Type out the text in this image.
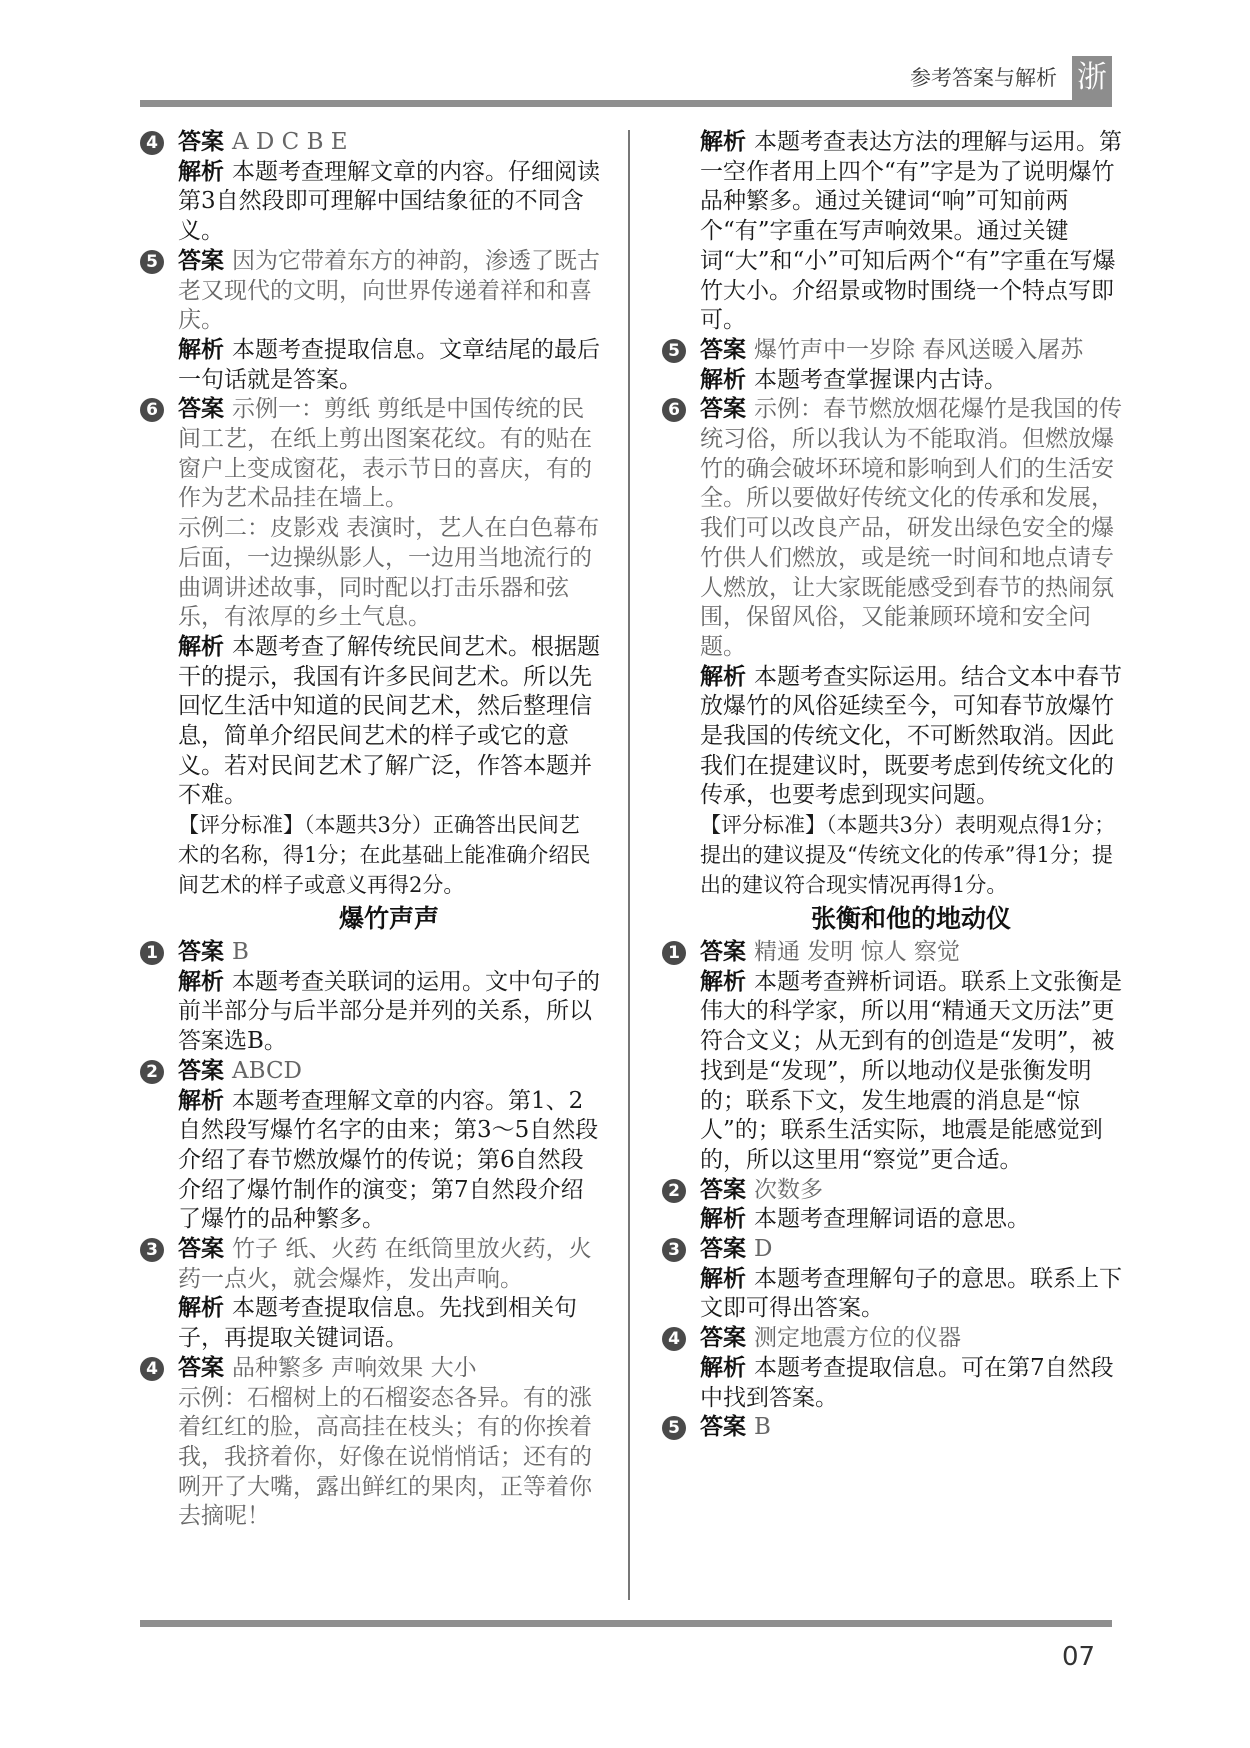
参考答案与解析 浙
4 答案 A D C B E

解析 本题考查理解文章的内容。仔细阅读第3自然段即可理解中国结象征的不同含义。

5 答案 因为它带着东方的神韵，渗透了既古老又现代的文明，向世界传递着祥和和喜庆。

解析 本题考查提取信息。文章结尾的最后一句话就是答案。

6 答案 示例一：剪纸 剪纸是中国传统的民间工艺，在纸上剪出图案花纹。有的贴在窗户上变成窗花，表示节日的喜庆，有的作为艺术品挂在墙上。

示例二：皮影戏 表演时，艺人在白色幕布后面，一边操纵影人，一边用当地流行的曲调讲述故事，同时配以打击乐器和弦乐，有浓厚的乡土气息。

解析 本题考查了解传统民间艺术。根据题干的提示，我国有许多民间艺术。所以先回忆生活中知道的民间艺术，然后整理信息，简单介绍民间艺术的样子或它的意义。若对民间艺术了解广泛，作答本题并不难。

【评分标准】（本题共3分）正确答出民间艺术的名称，得1分；在此基础上能准确介绍民间艺术的样子或意义再得2分。

爆竹声声
1 答案 B

解析 本题考查关联词的运用。文中句子的前半部分与后半部分是并列的关系，所以答案选B。

2 答案 ABCD

解析 本题考查理解文章的内容。第1、2自然段写爆竹名字的由来；第3～5自然段介绍了春节燃放爆竹的传说；第6自然段介绍了爆竹制作的演变；第7自然段介绍了爆竹的品种繁多。

3 答案 竹子 纸、火药 在纸筒里放火药，火药一点火，就会爆炸，发出声响。

解析 本题考查提取信息。先找到相关句子，再提取关键词语。

4 答案 品种繁多 声响效果 大小

示例：石榴树上的石榴姿态各异。有的涨着红红的脸，高高挂在枝头；有的你挨着我，我挤着你，好像在说悄悄话；还有的咧开了大嘴，露出鲜红的果肉，正等着你去摘呢！

解析 本题考查表达方法的理解与运用。第一空作者用上四个“有”字是为了说明爆竹品种繁多。通过关键词“响”可知前两个“有”字重在写声响效果。通过关键词“大”和“小”可知后两个“有”字重在写爆竹大小。介绍景或物时围绕一个特点写即可。

5 答案 爆竹声中一岁除 春风送暖入屠苏

解析 本题考查掌握课内古诗。

6 答案 示例：春节燃放烟花爆竹是我国的传统习俗，所以我认为不能取消。但燃放爆竹的确会破坏环境和影响到人们的生活安全。所以要做好传统文化的传承和发展，我们可以改良产品，研发出绿色安全的爆竹供人们燃放，或是统一时间和地点请专人燃放，让大家既能感受到春节的热闹氛围，保留风俗，又能兼顾环境和安全问题。

解析 本题考查实际运用。结合文本中春节放爆竹的风俗延续至今，可知春节放爆竹是我国的传统文化，不可断然取消。因此我们在提建议时，既要考虑到传统文化的传承，也要考虑到现实问题。

【评分标准】（本题共3分）表明观点得1分；提出的建议提及“传统文化的传承”得1分；提出的建议符合现实情况再得1分。

张衡和他的地动仪
1 答案 精通 发明 惊人 察觉

解析 本题考查辨析词语。联系上文张衡是伟大的科学家，所以用“精通天文历法”更符合文义；从无到有的创造是“发明”，被找到是“发现”，所以地动仪是张衡发明的；联系下文，发生地震的消息是“惊人”的；联系生活实际，地震是能感觉到的，所以这里用“察觉”更合适。

2 答案 次数多

解析 本题考查理解词语的意思。

3 答案 D

解析 本题考查理解句子的意思。联系上下文即可得出答案。

4 答案 测定地震方位的仪器

解析 本题考查提取信息。可在第7自然段中找到答案。

5 答案 B

07
